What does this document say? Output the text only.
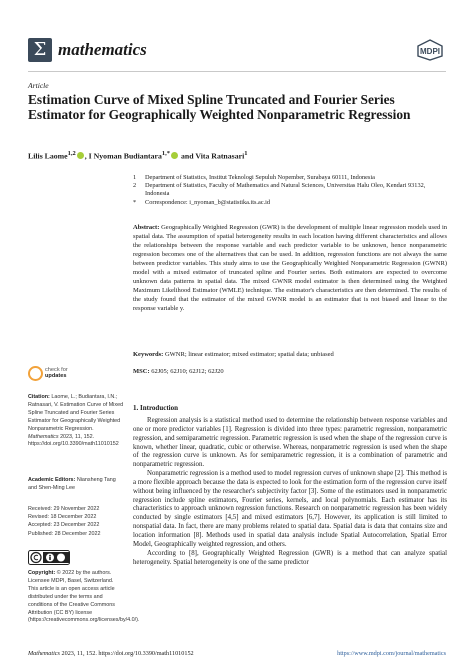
Σ mathematics	MDPI
Article
Estimation Curve of Mixed Spline Truncated and Fourier Series Estimator for Geographically Weighted Nonparametric Regression
Lilis Laome$^{1,2}$ , I Nyoman Budiantara$^{1,*}$ and Vita Ratnasari$^1$
1	Department of Statistics, Institut Teknologi Sepuluh Nopember, Surabaya 60111, Indonesia
2	Department of Statistics, Faculty of Mathematics and Natural Sciences, Universitas Halu Oleo, Kendari 93132, Indonesia
*	Correspondence: i_nyoman_b@statistika.its.ac.id
Abstract: Geographically Weighted Regression (GWR) is the development of multiple linear regression models used in spatial data. The assumption of spatial heterogeneity results in each location having different characteristics and allows the relationships between the response variable and each predictor variable to be unknown, hence nonparametric regression becomes one of the alternatives that can be used. In addition, regression functions are not always the same between predictor variables. This study aims to use the Geographically Weighted Nonparametric Regression (GWNR) model with a mixed estimator of truncated spline and Fourier series. Both estimators are expected to overcome unknown data patterns in spatial data. The mixed GWNR model estimator is then determined using the Weighted Maximum Likelihood Estimator (WMLE) technique. The estimator's characteristics are then determined. The results of the study found that the estimator of the mixed GWNR model is an estimator that is not biased and linear to the response variable y.
Keywords: GWNR; linear estimator; mixed estimator; spatial data; unbiased
MSC: 62J05; 62J10; 62J12; 62J20
check for
updates
Citation: Laome, L.; Budiantara, I.N.; Ratnasari, V. Estimation Curve of Mixed Spline Truncated and Fourier Series Estimator for Geographically Weighted Nonparametric Regression. Mathematics 2023, 11, 152. https://doi.org/10.3390/math11010152
Academic Editors: Niansheng Tang and Shen-Ming Lee
Received: 29 November 2022
Revised: 18 December 2022
Accepted: 23 December 2022
Published: 28 December 2022
Copyright: © 2022 by the authors. Licensee MDPI, Basel, Switzerland. This article is an open access article distributed under the terms and conditions of the Creative Commons Attribution (CC BY) license (https://creativecommons.org/licenses/by/4.0/).
1. Introduction

Regression analysis is a statistical method used to determine the relationship between response variables and one or more predictor variables [1]. Regression is divided into three types: parametric regression, nonparametric regression, and semiparametric regression. Parametric regression is used when the shape of the regression curve is known, whether linear, quadratic, cubic or otherwise. Whereas, nonparametric regression is used when the shape of the regression curve is unknown. As for semiparametric regression, it is a combination of parametric and nonparametric regression.

Nonparametric regression is a method used to model regression curves of unknown shape [2]. This method is a more flexible approach because the data is expected to look for the estimation form of the regression curve itself without being influenced by the researcher's subjectivity factor [3]. Some of the estimators used in nonparametric regression include spline estimators, Fourier series, kernels, and local polynomials. Each estimator has its characteristics to approach unknown regression functions. Research on nonparametric regression has been widely conducted by single estimators [4,5] and mixed estimators [6,7]. However, its application is still limited to nonspatial data. In fact, there are many problems related to spatial data. Spatial data is data that contains size and location information [8]. Methods used in spatial data analysis include Spatial Autocorrelation, Spatial Error Model, Geographically weighted regression, and others.

According to [8], Geographically Weighted Regression (GWR) is a method that can analyze spatial heterogeneity. Spatial heterogeneity is one of the same predictor

Mathematics 2023, 11, 152. https://doi.org/10.3390/math11010152	https://www.mdpi.com/journal/mathematics
